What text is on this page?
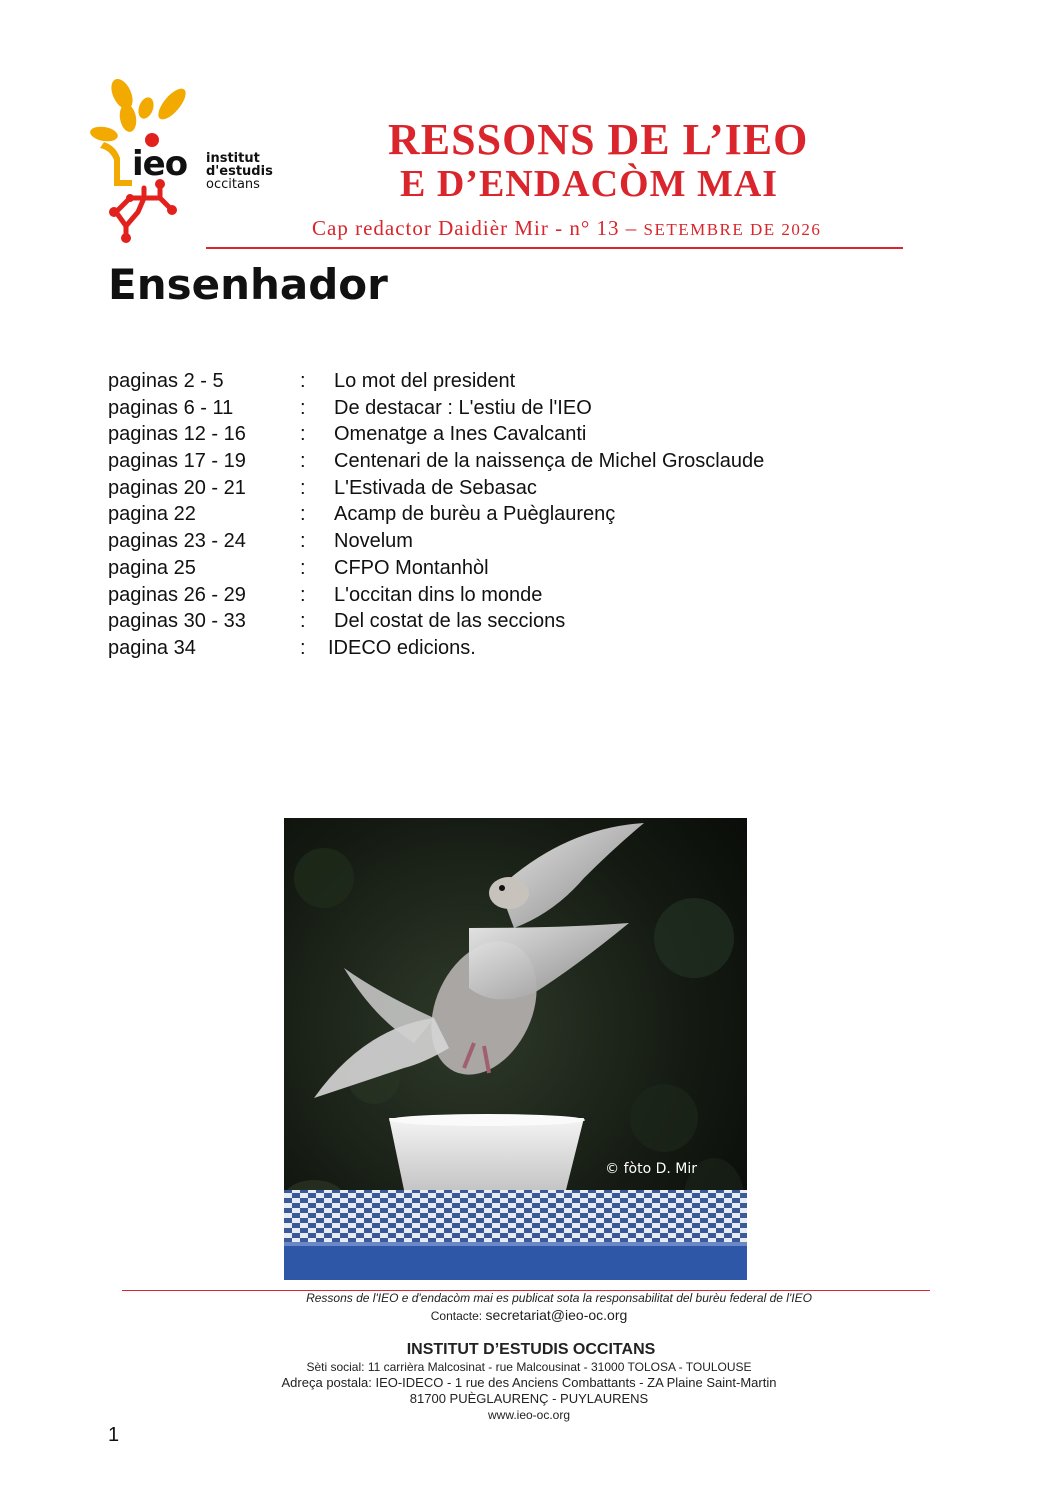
ieo institut
d'estudis
occitans
RESSONS DE L’IEO
E D’ENDACÒM MAI
Cap redactor Daidièr Mir - n° 13 – SETEMBRE DE 2026
Ensenhador
paginas 2 - 5	: Lo mot del president
paginas 6 - 11	: De destacar : L'estiu de l'IEO
paginas 12 - 16	: Omenatge a Ines Cavalcanti
paginas 17 - 19	: Centenari de la naissença de Michel Grosclaude
paginas 20 - 21	: L'Estivada de Sebasac
pagina 22	: Acamp de burèu a Puèglaurenç
paginas 23 - 24	: Novelum
pagina 25	: CFPO Montanhòl
paginas 26 - 29	: L'occitan dins lo monde
paginas 30 - 33	: Del costat de las seccions
pagina 34	: IDECO edicions.
© fòto D. Mir
Ressons de l'IEO e d'endacòm mai es publicat sota la responsabilitat del burèu federal de l'IEO
Contacte: secretariat@ieo-oc.org
INSTITUT D’ESTUDIS OCCITANS
Sèti social: 11 carrièra Malcosinat - rue Malcousinat - 31000 TOLOSA - TOULOUSE
Adreça postala: IEO-IDECO - 1 rue des Anciens Combattants - ZA Plaine Saint-Martin
81700 PUÈGLAURENÇ - PUYLAURENS
www.ieo-oc.org
1
